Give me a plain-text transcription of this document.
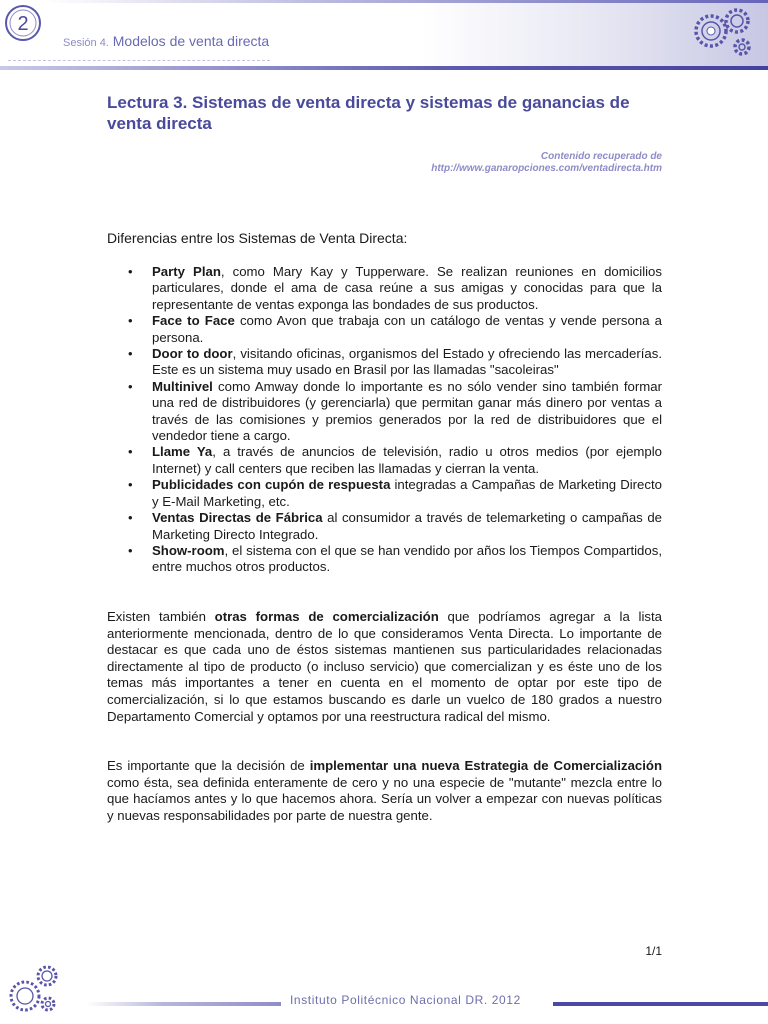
2
Sesión 4. Modelos de venta directa
Lectura 3. Sistemas de venta directa y sistemas de ganancias de venta directa
Contenido recuperado de
http://www.ganaropciones.com/ventadirecta.htm
Diferencias entre los Sistemas de Venta Directa:
• Party Plan, como Mary Kay y Tupperware. Se realizan reuniones en domicilios particulares, donde el ama de casa reúne a sus amigas y conocidas para que la representante de ventas exponga las bondades de sus productos.
• Face to Face como Avon que trabaja con un catálogo de ventas y vende persona a persona.
• Door to door, visitando oficinas, organismos del Estado y ofreciendo las mercaderías. Este es un sistema muy usado en Brasil por las llamadas "sacoleiras"
• Multinivel como Amway donde lo importante es no sólo vender sino también formar una red de distribuidores (y gerenciarla) que permitan ganar más dinero por ventas a través de las comisiones y premios generados por la red de distribuidores que el vendedor tiene a cargo.
• Llame Ya, a través de anuncios de televisión, radio u otros medios (por ejemplo Internet) y call centers que reciben las llamadas y cierran la venta.
• Publicidades con cupón de respuesta integradas a Campañas de Marketing Directo y E-Mail Marketing, etc.
• Ventas Directas de Fábrica al consumidor a través de telemarketing o campañas de Marketing Directo Integrado.
• Show-room, el sistema con el que se han vendido por años los Tiempos Compartidos, entre muchos otros productos.

Existen también otras formas de comercialización que podríamos agregar a la lista anteriormente mencionada, dentro de lo que consideramos Venta Directa. Lo importante de destacar es que cada uno de éstos sistemas mantienen sus particularidades relacionadas directamente al tipo de producto (o incluso servicio) que comercializan y es éste uno de los temas más importantes a tener en cuenta en el momento de optar por este tipo de comercialización, si lo que estamos buscando es darle un vuelco de 180 grados a nuestro Departamento Comercial y optamos por una reestructura radical del mismo.

Es importante que la decisión de implementar una nueva Estrategia de Comercialización como ésta, sea definida enteramente de cero y no una especie de "mutante" mezcla entre lo que hacíamos antes y lo que hacemos ahora. Sería un volver a empezar con nuevas políticas y nuevas responsabilidades por parte de nuestra gente.

1/1
Instituto Politécnico Nacional DR. 2012
